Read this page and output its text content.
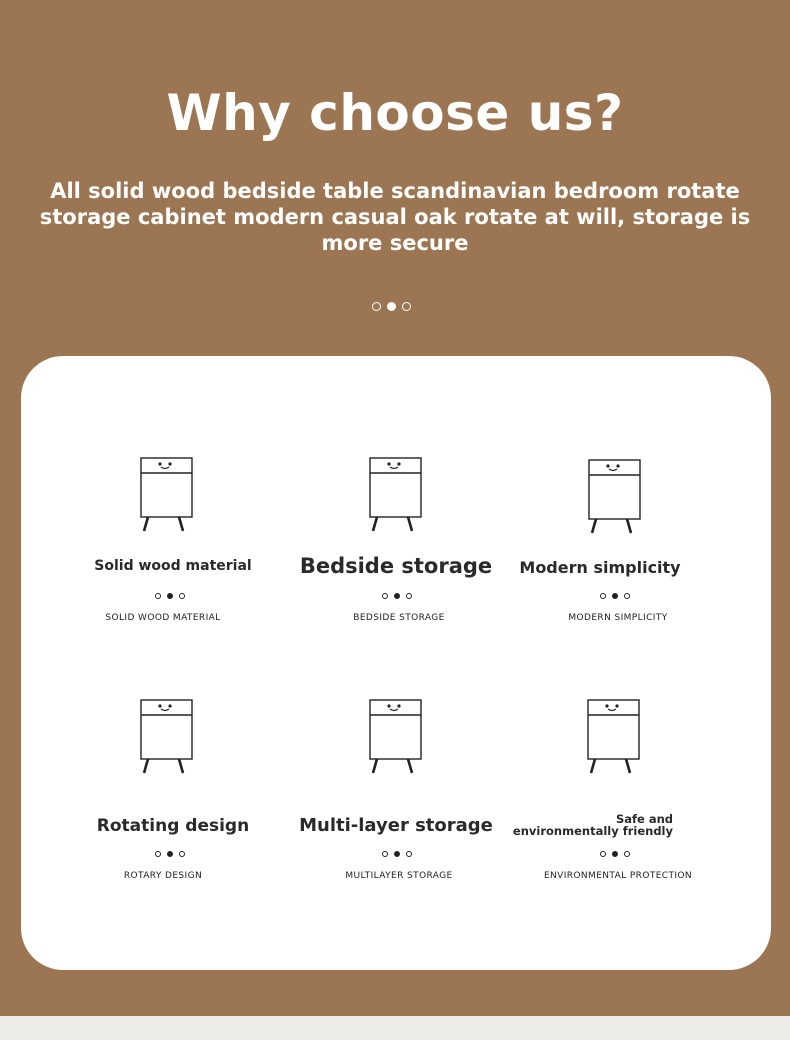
Why choose us?

All solid wood bedside table scandinavian bedroom rotate storage cabinet modern casual oak rotate at will, storage is more secure

Solid wood material
SOLID WOOD MATERIAL
Bedside storage
BEDSIDE STORAGE
Modern simplicity
MODERN SIMPLICITY
Rotating design
ROTARY DESIGN
Multi-layer storage
MULTILAYER STORAGE
Safe and environmentally friendly
ENVIRONMENTAL PROTECTION
